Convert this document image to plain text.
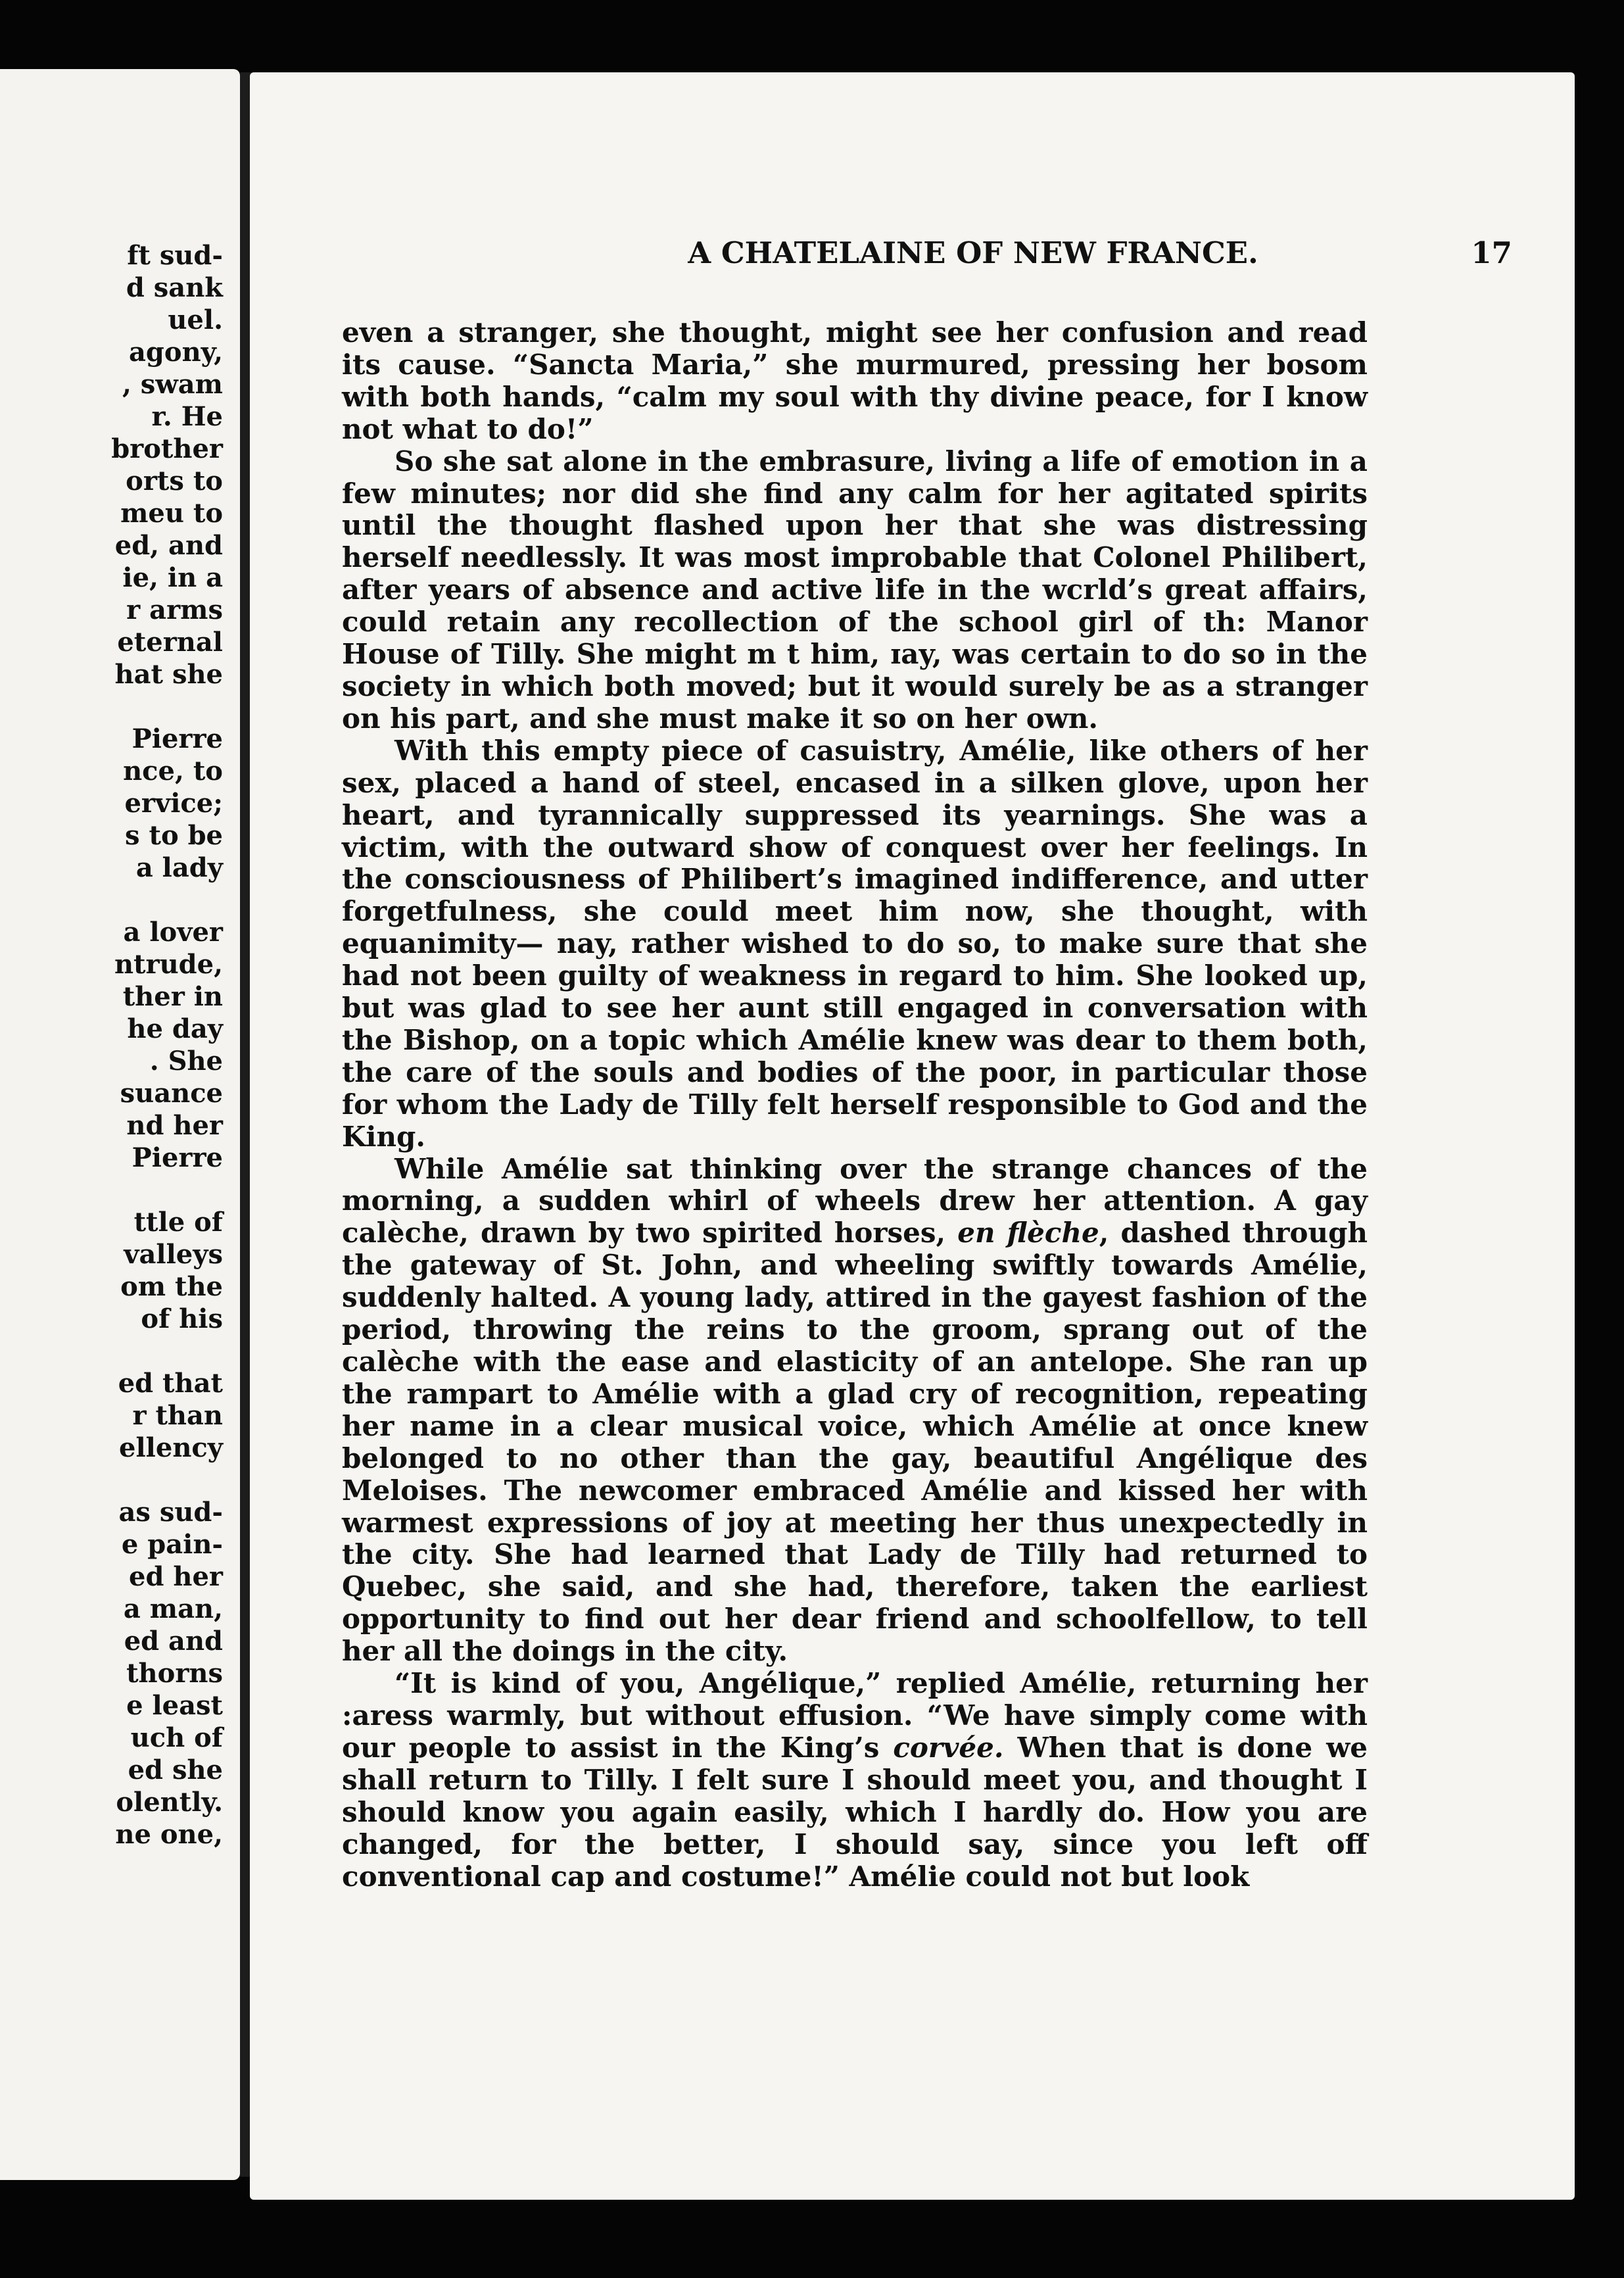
ft sud-
d sank
uel.
agony,
, swam
r. He
brother
orts to
meu to
ed, and
ie, in a
r arms
eternal
hat she
Pierre
nce, to
ervice;
s to be
a lady
a lover
ntrude,
ther in
he day
. She
suance
nd her
Pierre
ttle of
valleys
om the
of his
ed that
r than
ellency
as sud-
e pain-
ed her
a man,
ed and
thorns
e least
uch of
ed she
olently.
ne one,
A CHATELAINE OF NEW FRANCE.	17

even a stranger, she thought, might see her confusion and read its cause. “Sancta Maria,” she murmured, pressing her bosom with both hands, “calm my soul with thy divine peace, for I know not what to do!”

So she sat alone in the embrasure, living a life of emotion in a few minutes; nor did she find any calm for her agitated spirits until the thought flashed upon her that she was distressing herself needlessly. It was most improbable that Colonel Philibert, after years of absence and active life in the wcrld’s great affairs, could retain any recollection of the school girl of th: Manor House of Tilly. She might m t him, ɪay, was certain to do so in the society in which both moved; but it would surely be as a stranger on his part, and she must make it so on her own.

With this empty piece of casuistry, Amélie, like others of her sex, placed a hand of steel, encased in a silken glove, upon her heart, and tyrannically suppressed its yearnings. She was a victim, with the outward show of conquest over her feelings. In the consciousness of Philibert’s imagined indifference, and utter forgetfulness, she could meet him now, she thought, with equanimity— nay, rather wished to do so, to make sure that she had not been guilty of weakness in regard to him. She looked up, but was glad to see her aunt still engaged in conversation with the Bishop, on a topic which Amélie knew was dear to them both, the care of the souls and bodies of the poor, in particular those for whom the Lady de Tilly felt herself responsible to God and the King.

While Amélie sat thinking over the strange chances of the morning, a sudden whirl of wheels drew her attention. A gay calèche, drawn by two spirited horses, en flèche, dashed through the gateway of St. John, and wheeling swiftly towards Amélie, suddenly halted. A young lady, attired in the gayest fashion of the period, throwing the reins to the groom, sprang out of the calèche with the ease and elasticity of an antelope. She ran up the rampart to Amélie with a glad cry of recognition, repeating her name in a clear musical voice, which Amélie at once knew belonged to no other than the gay, beautiful Angélique des Meloises. The newcomer embraced Amélie and kissed her with warmest expressions of joy at meeting her thus unexpectedly in the city. She had learned that Lady de Tilly had returned to Quebec, she said, and she had, therefore, taken the earliest opportunity to find out her dear friend and schoolfellow, to tell her all the doings in the city.

“It is kind of you, Angélique,” replied Amélie, returning her :aress warmly, but without effusion. “We have simply come with our people to assist in the King’s corvée. When that is done we shall return to Tilly. I felt sure I should meet you, and thought I should know you again easily, which I hardly do. How you are changed, for the better, I should say, since you left off conventional cap and costume!” Amélie could not but look
